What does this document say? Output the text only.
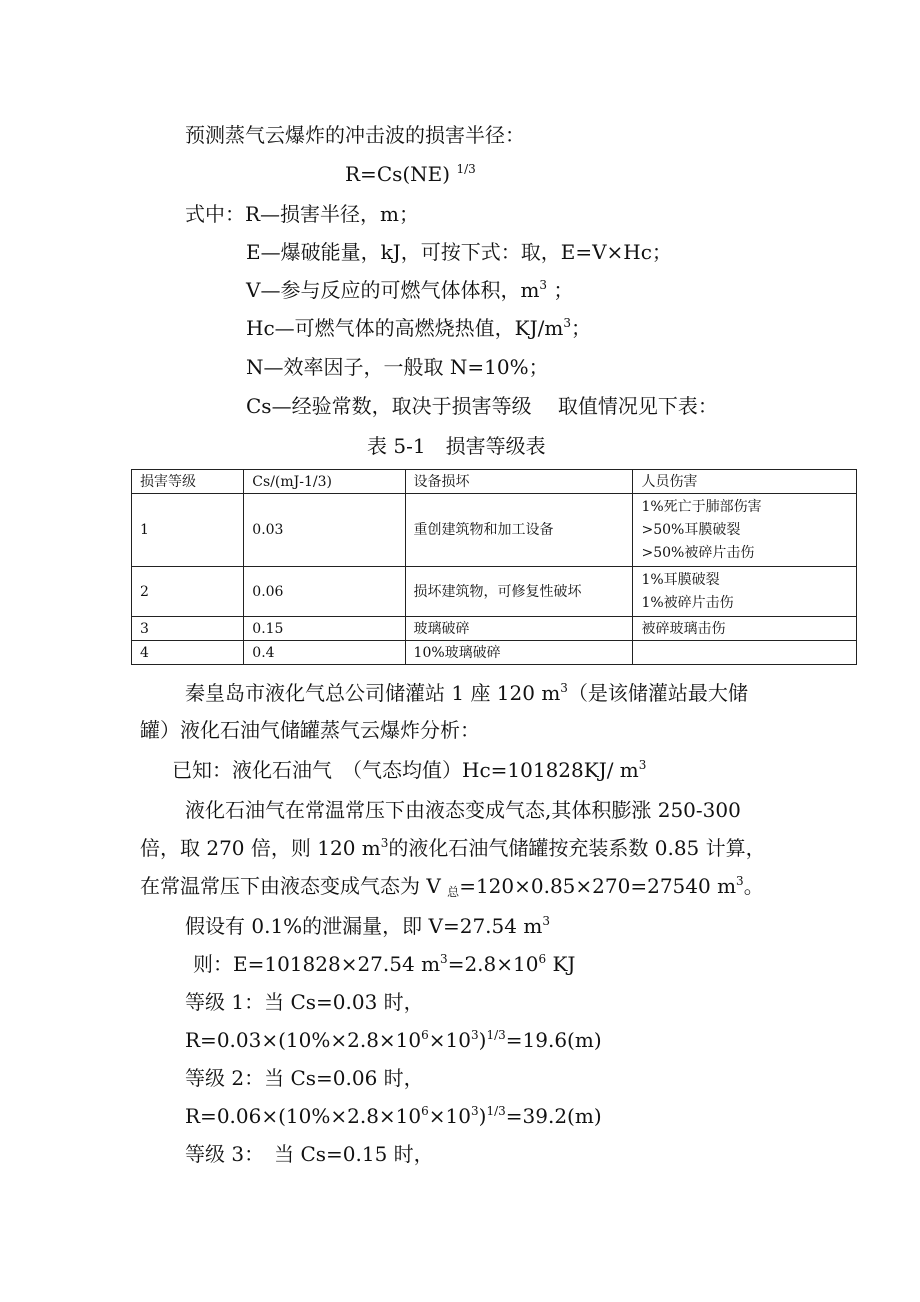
预测蒸气云爆炸的冲击波的损害半径：
R=Cs(NE) $^{1/3}$
式中：R—损害半径，m；
E—爆破能量，kJ，可按下式：取，E=V×Hc；
V—参与反应的可燃气体体积，$m^3$ ；
Hc—可燃气体的高燃烧热值，$KJ/m^3$；
N—效率因子，一般取 N=10%；
Cs—经验常数，取决于损害等级　 取值情况见下表：
表 5-1　损害等级表
损害等级	Cs/(mJ-1/3)	设备损坏	人员伤害
1	0.03	重创建筑物和加工设备	1%死亡于肺部伤害
>50%耳膜破裂
>50%被碎片击伤

2	0.06	损坏建筑物，可修复性破坏	1%耳膜破裂
1%被碎片击伤

3	0.15	玻璃破碎	被碎玻璃击伤
4	0.4	10%玻璃破碎	
秦皇岛市液化气总公司储灌站 1 座 120 $m^3$（是该储灌站最大储
罐）液化石油气储罐蒸气云爆炸分析：
已知：液化石油气　（气态均值）Hc=101828KJ/ $m^3$
液化石油气在常温常压下由液态变成气态,其体积膨涨 250-300
倍，取 270 倍，则 120 $m^3$的液化石油气储罐按充装系数 0.85 计算，
在常温常压下由液态变成气态为 V $_总$=120×0.85×270=27540 $m^3$。
假设有 0.1%的泄漏量，即 V=27.54 $m^3$
则：E=101828×27.54 $m^3=2.8\times 10^6$ KJ
等级 1：当 Cs=0.03 时，
$R=0.03\times(10\%\times 2.8\times 10^6\times 10^3)^{1/3}=19.6(m)$
等级 2：当 Cs=0.06 时，
$R=0.06\times(10\%\times 2.8\times 10^6\times 10^3)^{1/3}=39.2(m)$
等级 3：　当 Cs=0.15 时，
